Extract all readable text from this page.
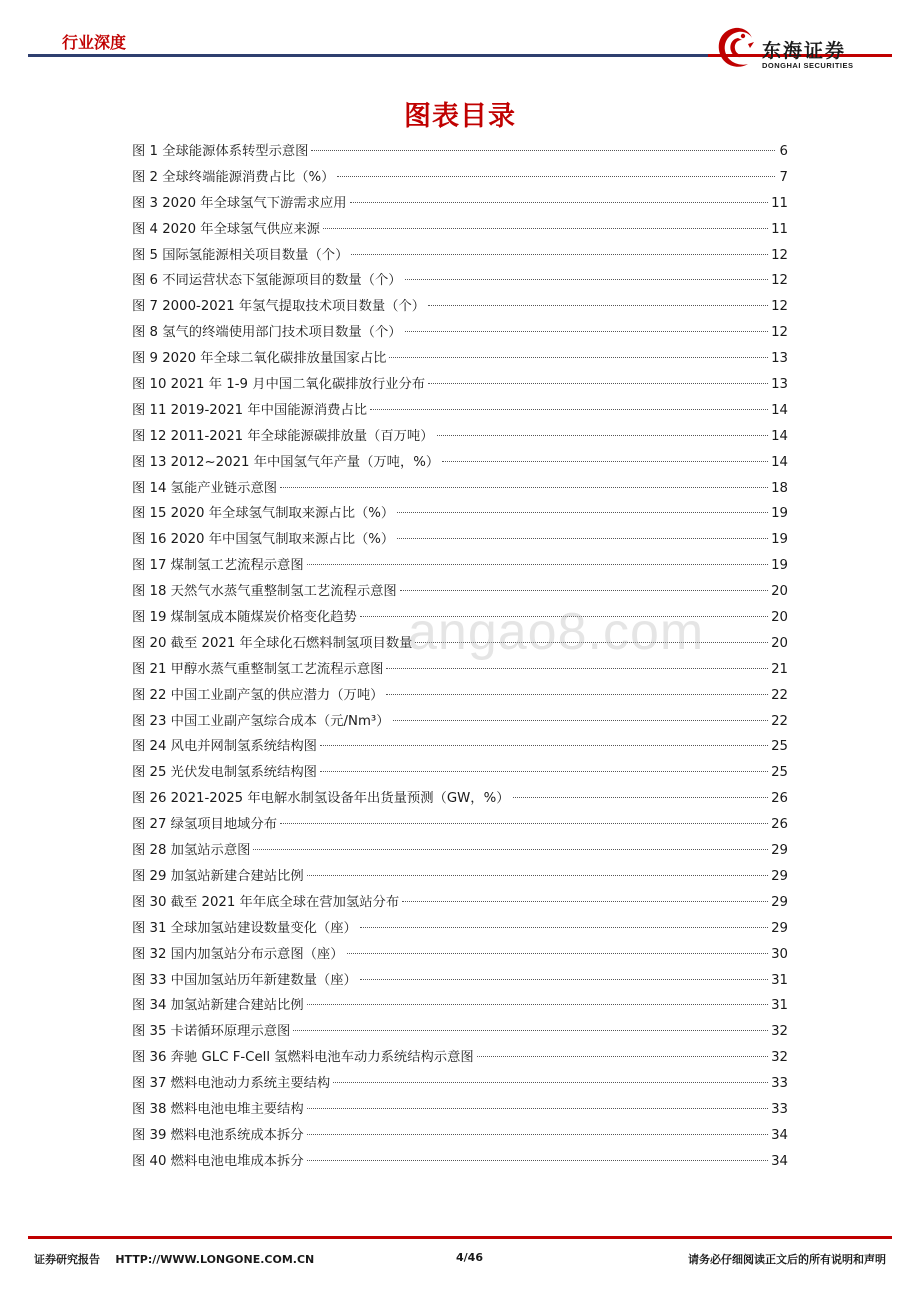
行业深度	东海证券
DONGHAI SECURITIES
图表目录
图 1 全球能源体系转型示意图	6
图 2 全球终端能源消费占比（%）	7
图 3 2020 年全球氢气下游需求应用	11
图 4 2020 年全球氢气供应来源	11
图 5 国际氢能源相关项目数量（个）	12
图 6 不同运营状态下氢能源项目的数量（个）	12
图 7 2000-2021 年氢气提取技术项目数量（个）	12
图 8 氢气的终端使用部门技术项目数量（个）	12
图 9 2020 年全球二氧化碳排放量国家占比	13
图 10 2021 年 1-9 月中国二氧化碳排放行业分布	13
图 11 2019-2021 年中国能源消费占比	14
图 12 2011-2021 年全球能源碳排放量（百万吨）	14
图 13 2012~2021 年中国氢气年产量（万吨，%）	14
图 14 氢能产业链示意图	18
图 15 2020 年全球氢气制取来源占比（%）	19
图 16 2020 年中国氢气制取来源占比（%）	19
图 17 煤制氢工艺流程示意图	19
图 18 天然气水蒸气重整制氢工艺流程示意图	20
图 19 煤制氢成本随煤炭价格变化趋势	20
图 20 截至 2021 年全球化石燃料制氢项目数量	20
图 21 甲醇水蒸气重整制氢工艺流程示意图	21
图 22 中国工业副产氢的供应潜力（万吨）	22
图 23 中国工业副产氢综合成本（元/Nm³）	22
图 24 风电并网制氢系统结构图	25
图 25 光伏发电制氢系统结构图	25
图 26 2021-2025 年电解水制氢设备年出货量预测（GW，%）	26
图 27 绿氢项目地域分布	26
图 28 加氢站示意图	29
图 29 加氢站新建合建站比例	29
图 30 截至 2021 年年底全球在营加氢站分布	29
图 31 全球加氢站建设数量变化（座）	29
图 32 国内加氢站分布示意图（座）	30
图 33 中国加氢站历年新建数量（座）	31
图 34 加氢站新建合建站比例	31
图 35 卡诺循环原理示意图	32
图 36 奔驰 GLC F-Cell 氢燃料电池车动力系统结构示意图	32
图 37 燃料电池动力系统主要结构	33
图 38 燃料电池电堆主要结构	33
图 39 燃料电池系统成本拆分	34
图 40 燃料电池电堆成本拆分	34
angao8.com
证券研究报告    HTTP://WWW.LONGONE.COM.CN	4/46	请务必仔细阅读正文后的所有说明和声明
